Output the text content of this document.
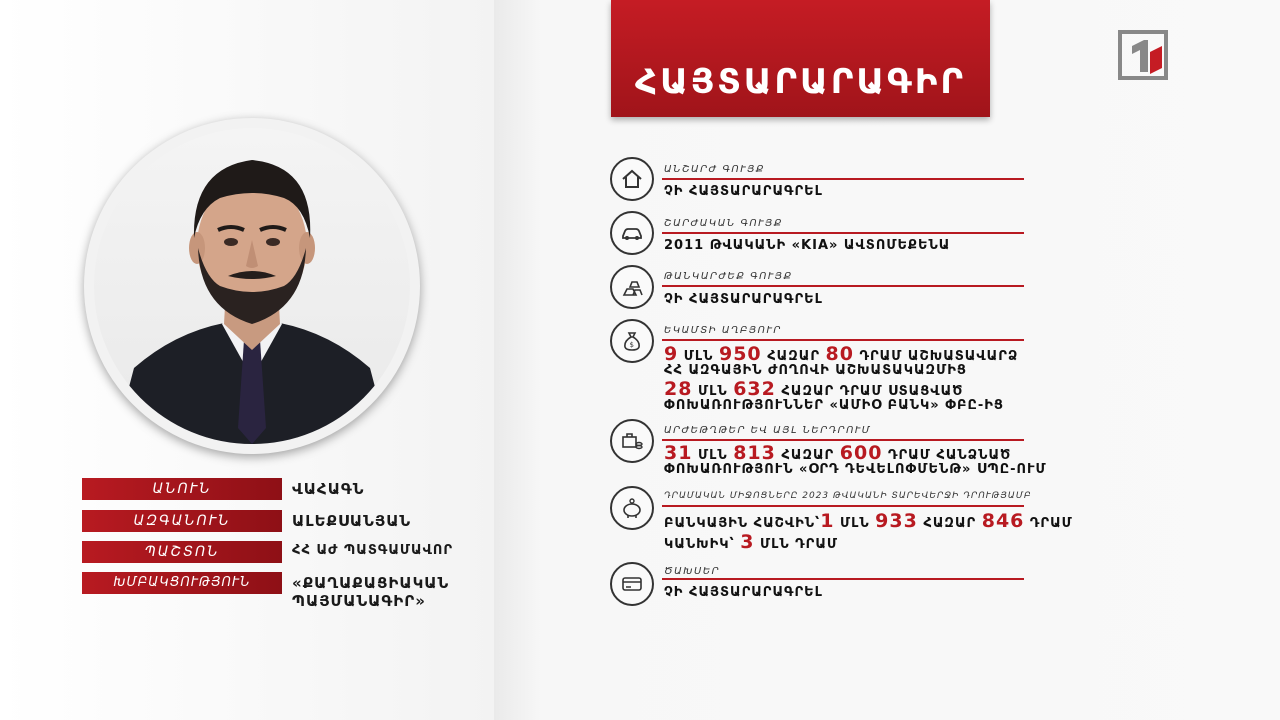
ՀԱՅՏԱՐԱՐԱԳԻՐ
ԱՆՈՒՆ	ՎԱՀԱԳՆ
ԱԶԳԱՆՈՒՆ	ԱԼԵՔՍԱՆՅԱՆ
ՊԱՇՏՈՆ	ՀՀ ԱԺ ՊԱՏԳԱՄԱՎՈՐ
ԽՄԲԱԿՑՈՒԹՅՈՒՆ	«ՔԱՂԱՔԱՑԻԱԿԱՆ
ՊԱՅՄԱՆԱԳԻՐ»
ԱՆՇԱՐԺ ԳՈՒՅՔ
ՉԻ ՀԱՅՏԱՐԱՐԱԳՐԵԼ
ՇԱՐԺԱԿԱՆ ԳՈՒՅՔ
2011 ԹՎԱԿԱՆԻ «KIA» ԱՎՏՈՄԵՔԵՆԱ
ԹԱՆԿԱՐԺԵՔ ԳՈՒՅՔ
ՉԻ ՀԱՅՏԱՐԱՐԱԳՐԵԼ
$
ԵԿԱՄՏԻ ԱՂԲՅՈՒՐ
9 ՄԼՆ 950 ՀԱԶԱՐ 80 ԴՐԱՄ ԱՇԽԱՏԱՎԱՐՁ
ՀՀ ԱԶԳԱՅԻՆ ԺՈՂՈՎԻ ԱՇԽԱՏԱԿԱԶՄԻՑ
28 ՄԼՆ 632 ՀԱԶԱՐ ԴՐԱՄ ՍՏԱՑՎԱԾ
ՓՈԽԱՌՈՒԹՅՈՒՆՆԵՐ «ԱՄԻՕ ԲԱՆԿ» ՓԲԸ-ԻՑ
ԱՐԺԵԹՂԹԵՐ ԵՎ ԱՅԼ ՆԵՐԴՐՈՒՄ
31 ՄԼՆ 813 ՀԱԶԱՐ 600 ԴՐԱՄ ՀԱՆՁՆԱԾ
ՓՈԽԱՌՈՒԹՅՈՒՆ «ՕՐԴ ԴԵՎԵԼՈՓՄԵՆԹ» ՍՊԸ-ՈՒՄ
ԴՐԱՄԱԿԱՆ ՄԻՋՈՑՆԵՐԸ 2023 ԹՎԱԿԱՆԻ ՏԱՐԵՎԵՐՋԻ ԴՐՈՒԹՅԱՄԲ
ԲԱՆԿԱՅԻՆ ՀԱՇՎԻՆ՝1 ՄԼՆ 933 ՀԱԶԱՐ 846 ԴՐԱՄ
ԿԱՆԽԻԿ՝ 3 ՄԼՆ ԴՐԱՄ
ԾԱԽՍԵՐ
ՉԻ ՀԱՅՏԱՐԱՐԱԳՐԵԼ
